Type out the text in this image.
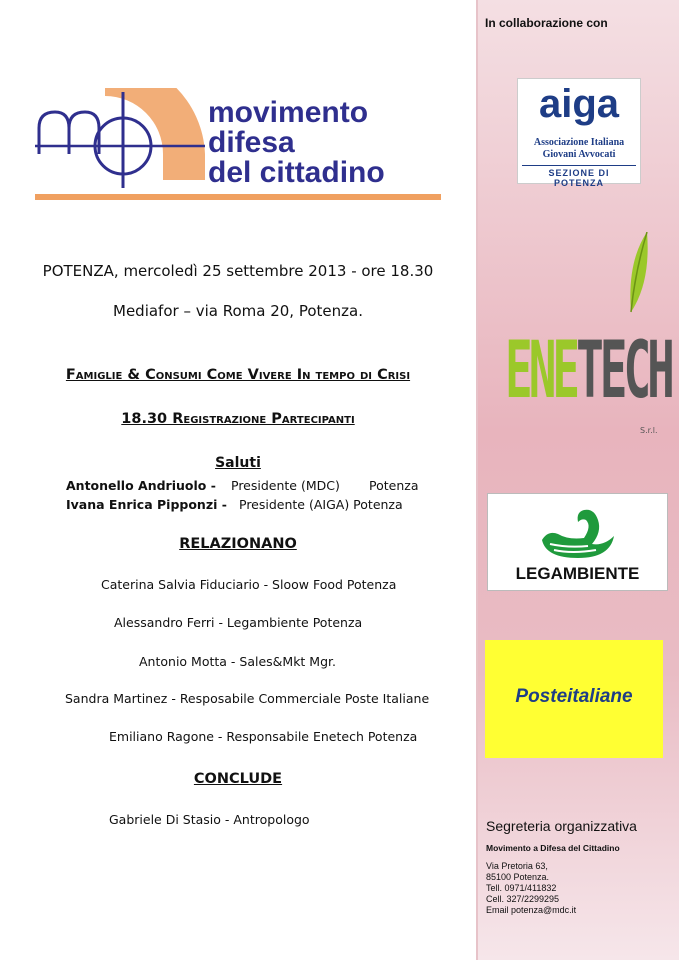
movimento
difesa
del cittadino
POTENZA, mercoledì 25 settembre 2013 - ore 18.30
Mediafor – via Roma 20, Potenza.
Famiglie & Consumi Come Vivere In tempo di Crisi
18.30 Registrazione Partecipanti
Saluti
Antonello Andriuolo - Presidente (MDC) Potenza
Ivana Enrica Pipponzi - Presidente (AIGA) Potenza
RELAZIONANO
Caterina Salvia Fiduciario - Sloow Food Potenza
Alessandro Ferri - Legambiente Potenza
Antonio Motta - Sales&Mkt Mgr.
Sandra Martinez - Resposabile Commerciale Poste Italiane
Emiliano Ragone - Responsabile Enetech Potenza
CONCLUDE
Gabriele Di Stasio - Antropologo
In collaborazione con
aiga
Associazione Italiana
Giovani Avvocati
SEZIONE DI POTENZA
ENETECH
S.r.l.
LEGAMBIENTE
Posteitaliane
Segreteria organizzativa
Movimento a Difesa del Cittadino
Via Pretoria 63,
85100 Potenza.
Tell. 0971/411832
Cell. 327/2299295
Email potenza@mdc.it
